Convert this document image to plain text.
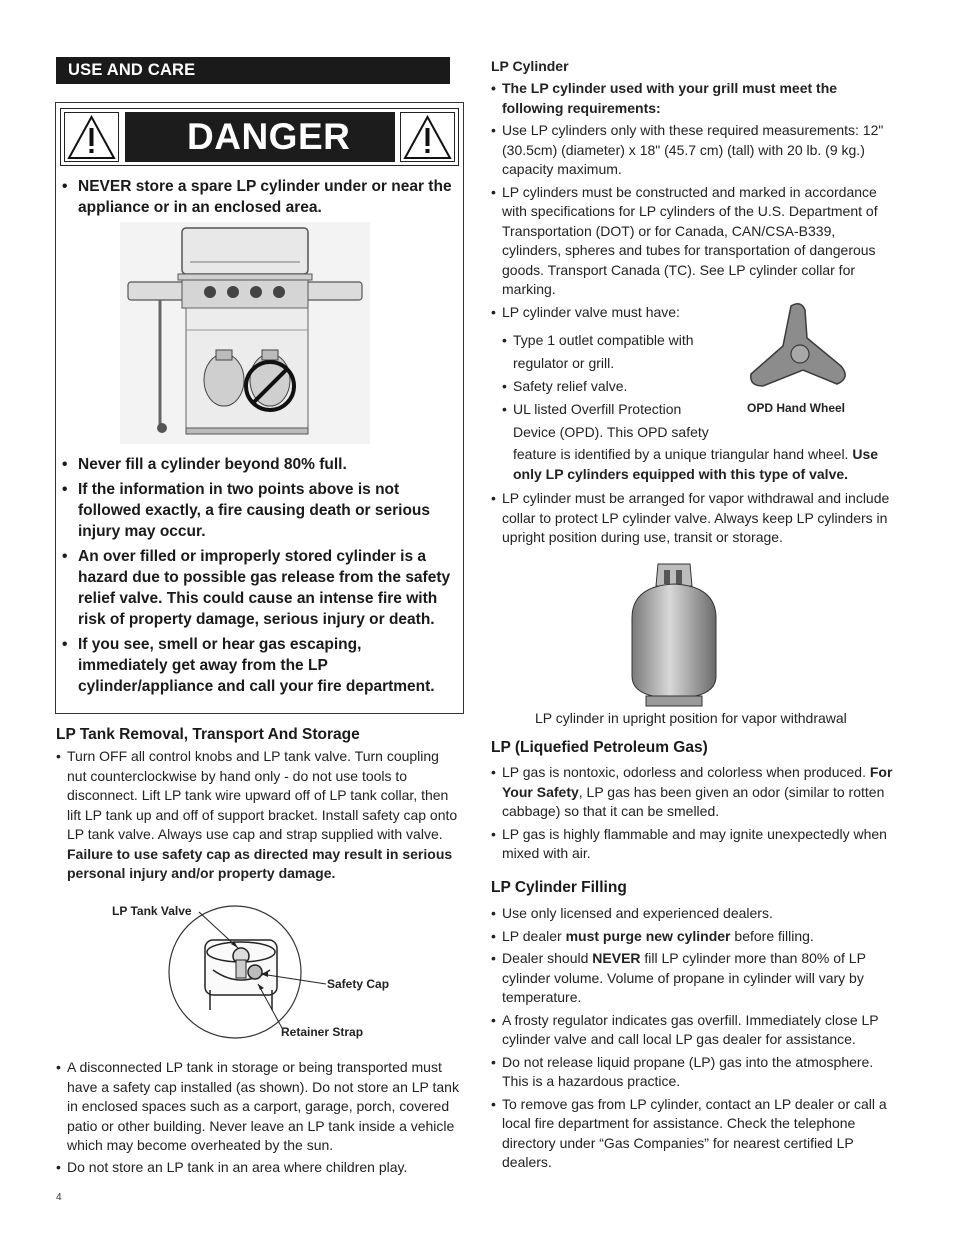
USE AND CARE
DANGER
• NEVER store a spare LP cylinder under or near the appliance or in an enclosed area.
• Never fill a cylinder beyond 80% full.
• If the information in two points above is not followed exactly, a fire causing death or serious injury may occur.
• An over filled or improperly stored cylinder is a hazard due to possible gas release from the safety relief valve. This could cause an intense fire with risk of property damage, serious injury or death.
• If you see, smell or hear gas escaping, immediately get away from the LP cylinder/appliance and call your fire department.
LP Tank Removal, Transport And Storage
• Turn OFF all control knobs and LP tank valve. Turn coupling nut counterclockwise by hand only - do not use tools to disconnect. Lift LP tank wire upward off of LP tank collar, then lift LP tank up and off of support bracket. Install safety cap onto LP tank valve. Always use cap and strap supplied with valve. Failure to use safety cap as directed may result in serious personal injury and/or property damage.
LP Tank Valve
Safety Cap
Retainer Strap
• A disconnected LP tank in storage or being transported must have a safety cap installed (as shown). Do not store an LP tank in enclosed spaces such as a carport, garage, porch, covered patio or other building. Never leave an LP tank inside a vehicle which may become overheated by the sun.
• Do not store an LP tank in an area where children play.
4
LP Cylinder
• The LP cylinder used with your grill must meet the following requirements:
• Use LP cylinders only with these required measurements: 12" (30.5cm) (diameter) x 18" (45.7 cm) (tall) with 20 lb. (9 kg.) capacity maximum.
• LP cylinders must be constructed and marked in accordance with specifications for LP cylinders of the U.S. Department of Transportation (DOT) or for Canada, CAN/CSA-B339, cylinders, spheres and tubes for transportation of dangerous goods. Transport Canada (TC). See LP cylinder collar for marking.
• LP cylinder valve must have:
• Type 1 outlet compatible with
regulator or grill.
• Safety relief valve.
• UL listed Overfill Protection
Device (OPD). This OPD safety
OPD Hand Wheel
feature is identified by a unique triangular hand wheel. Use only LP cylinders equipped with this type of valve.
• LP cylinder must be arranged for vapor withdrawal and include collar to protect LP cylinder valve. Always keep LP cylinders in upright position during use, transit or storage.
LP cylinder in upright position for vapor withdrawal
LP (Liquefied Petroleum Gas)
• LP gas is nontoxic, odorless and colorless when produced. For Your Safety, LP gas has been given an odor (similar to rotten cabbage) so that it can be smelled.
• LP gas is highly flammable and may ignite unexpectedly when mixed with air.
LP Cylinder Filling
• Use only licensed and experienced dealers.
• LP dealer must purge new cylinder before filling.
• Dealer should NEVER fill LP cylinder more than 80% of LP cylinder volume. Volume of propane in cylinder will vary by temperature.
• A frosty regulator indicates gas overfill. Immediately close LP cylinder valve and call local LP gas dealer for assistance.
• Do not release liquid propane (LP) gas into the atmosphere. This is a hazardous practice.
• To remove gas from LP cylinder, contact an LP dealer or call a local fire department for assistance. Check the telephone directory under “Gas Companies” for nearest certified LP dealers.
